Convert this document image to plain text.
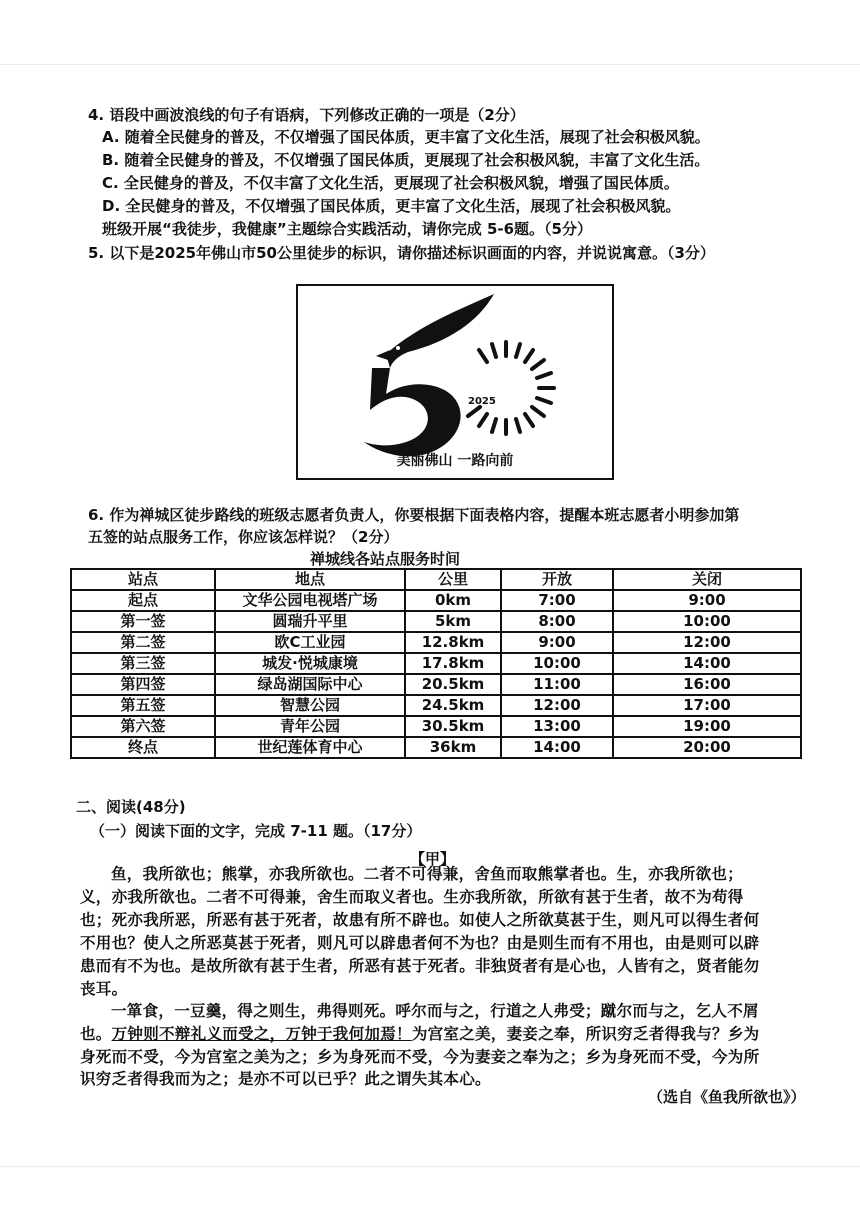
4. 语段中画波浪线的句子有语病，下列修改正确的一项是（2分）
A. 随着全民健身的普及，不仅增强了国民体质，更丰富了文化生活，展现了社会积极风貌。
B. 随着全民健身的普及，不仅增强了国民体质，更展现了社会积极风貌，丰富了文化生活。
C. 全民健身的普及，不仅丰富了文化生活，更展现了社会积极风貌，增强了国民体质。
D. 全民健身的普及，不仅增强了国民体质，更丰富了文化生活，展现了社会积极风貌。
班级开展“我徒步，我健康”主题综合实践活动，请你完成 5-6题。（5分）
5. 以下是2025年佛山市50公里徒步的标识，请你描述标识画面的内容，并说说寓意。（3分）
2025
美丽佛山 一路向前
6. 作为禅城区徒步路线的班级志愿者负责人，你要根据下面表格内容，提醒本班志愿者小明参加第
五签的站点服务工作，你应该怎样说？（2分）
禅城线各站点服务时间
站点	地点	公里	开放	关闭
起点	文华公园电视塔广场	0km	7:00	9:00
第一签	圆瑞升平里	5km	8:00	10:00
第二签	欧C工业园	12.8km	9:00	12:00
第三签	城发·悦城康境	17.8km	10:00	14:00
第四签	绿岛湖国际中心	20.5km	11:00	16:00
第五签	智慧公园	24.5km	12:00	17:00
第六签	青年公园	30.5km	13:00	19:00
终点	世纪莲体育中心	36km	14:00	20:00
二、阅读(48分)
（一）阅读下面的文字，完成 7-11 题。（17分）
【甲】
鱼，我所欲也；熊掌，亦我所欲也。二者不可得兼，舍鱼而取熊掌者也。生，亦我所欲也；
义，亦我所欲也。二者不可得兼，舍生而取义者也。生亦我所欲，所欲有甚于生者，故不为苟得
也；死亦我所恶，所恶有甚于死者，故患有所不辟也。如使人之所欲莫甚于生，则凡可以得生者何
不用也？使人之所恶莫甚于死者，则凡可以辟患者何不为也？由是则生而有不用也，由是则可以辟
患而有不为也。是故所欲有甚于生者，所恶有甚于死者。非独贤者有是心也，人皆有之，贤者能勿
丧耳。
一箪食，一豆羹，得之则生，弗得则死。呼尔而与之，行道之人弗受；蹴尔而与之，乞人不屑
也。万钟则不辩礼义而受之，万钟于我何加焉！为宫室之美，妻妾之奉，所识穷乏者得我与？乡为
身死而不受，今为宫室之美为之；乡为身死而不受，今为妻妾之奉为之；乡为身死而不受，今为所
识穷乏者得我而为之；是亦不可以已乎？此之谓失其本心。
（选自《鱼我所欲也》）
